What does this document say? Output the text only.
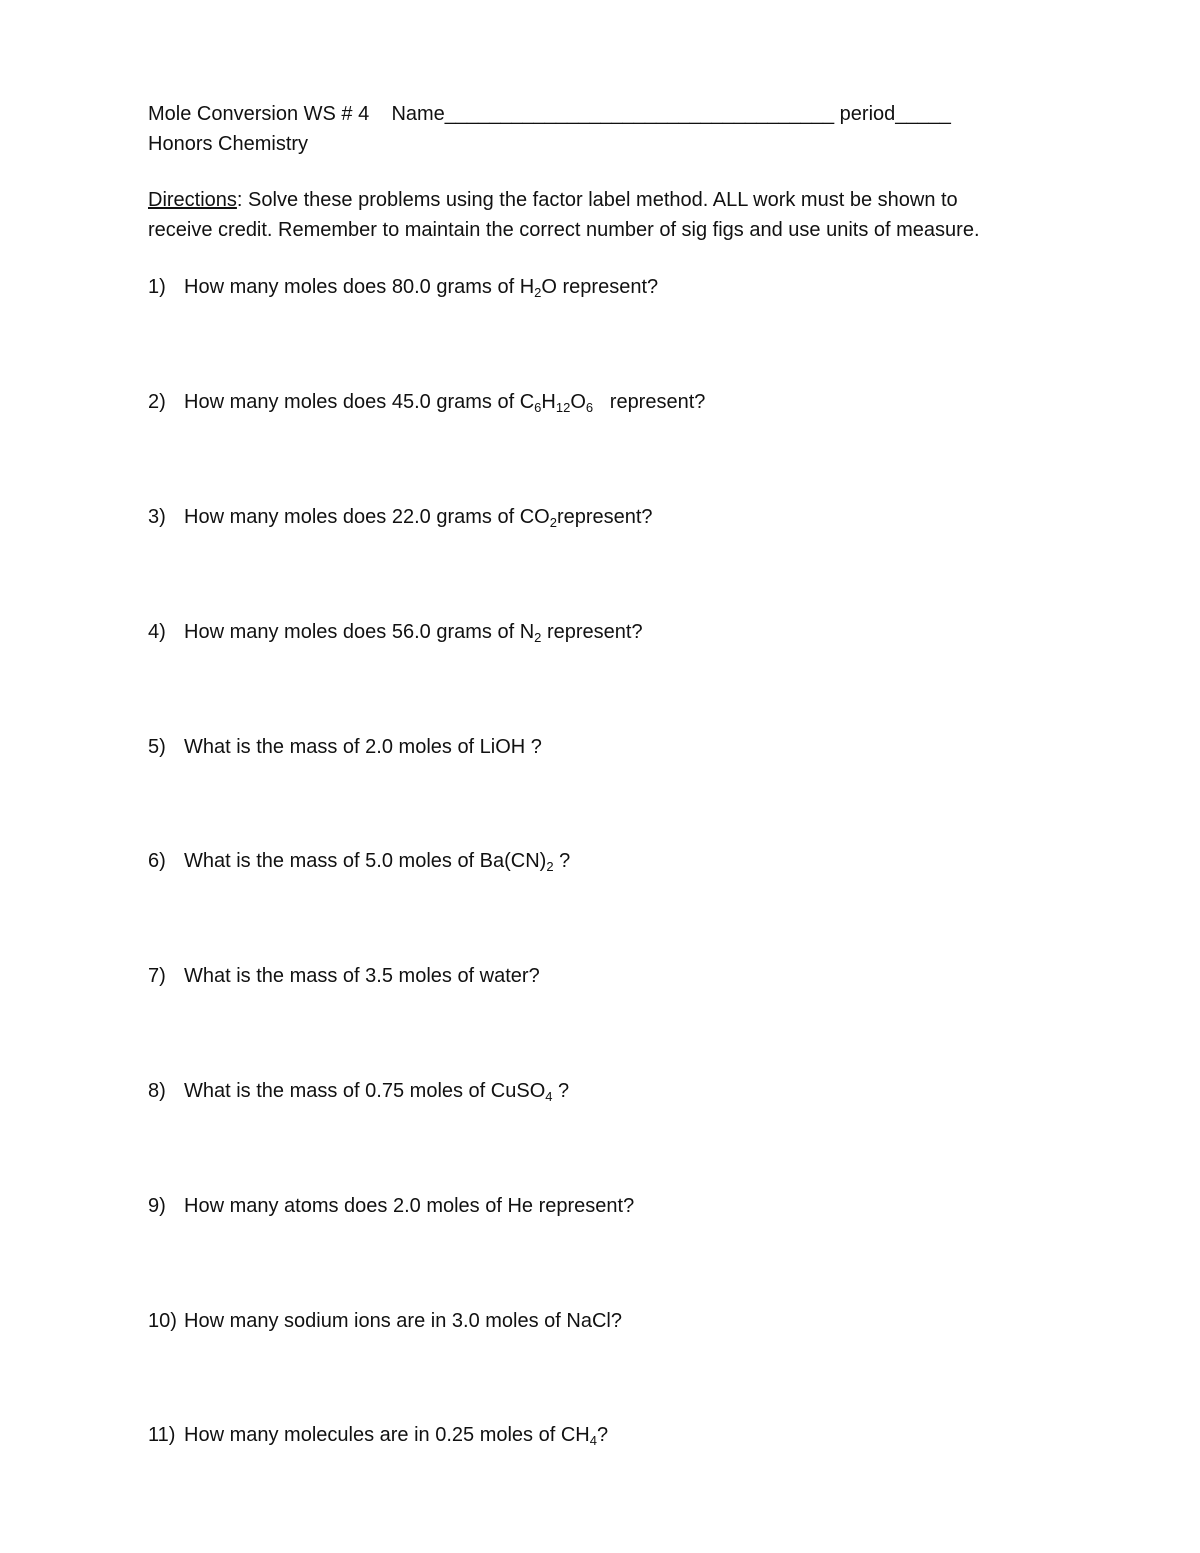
Mole Conversion WS # 4 Name___________________________________ period_____
Honors Chemistry
Directions: Solve these problems using the factor label method. ALL work must be shown to
receive credit. Remember to maintain the correct number of sig figs and use units of measure.
1) How many moles does 80.0 grams of $H_2O$ represent?
2) How many moles does 45.0 grams of $C_6H_{12}O_6$   represent?
3) How many moles does 22.0 grams of $CO_2represent$?
4) How many moles does 56.0 grams of $N_2$ represent?
5) What is the mass of 2.0 moles of LiOH ?
6) What is the mass of 5.0 moles of $Ba(CN)_2$ ?
7) What is the mass of 3.5 moles of water?
8) What is the mass of 0.75 moles of CuSO$_4$ ?
9) How many atoms does 2.0 moles of He represent?
10) How many sodium ions are in 3.0 moles of NaCl?
11) How many molecules are in 0.25 moles of $CH_4$?
